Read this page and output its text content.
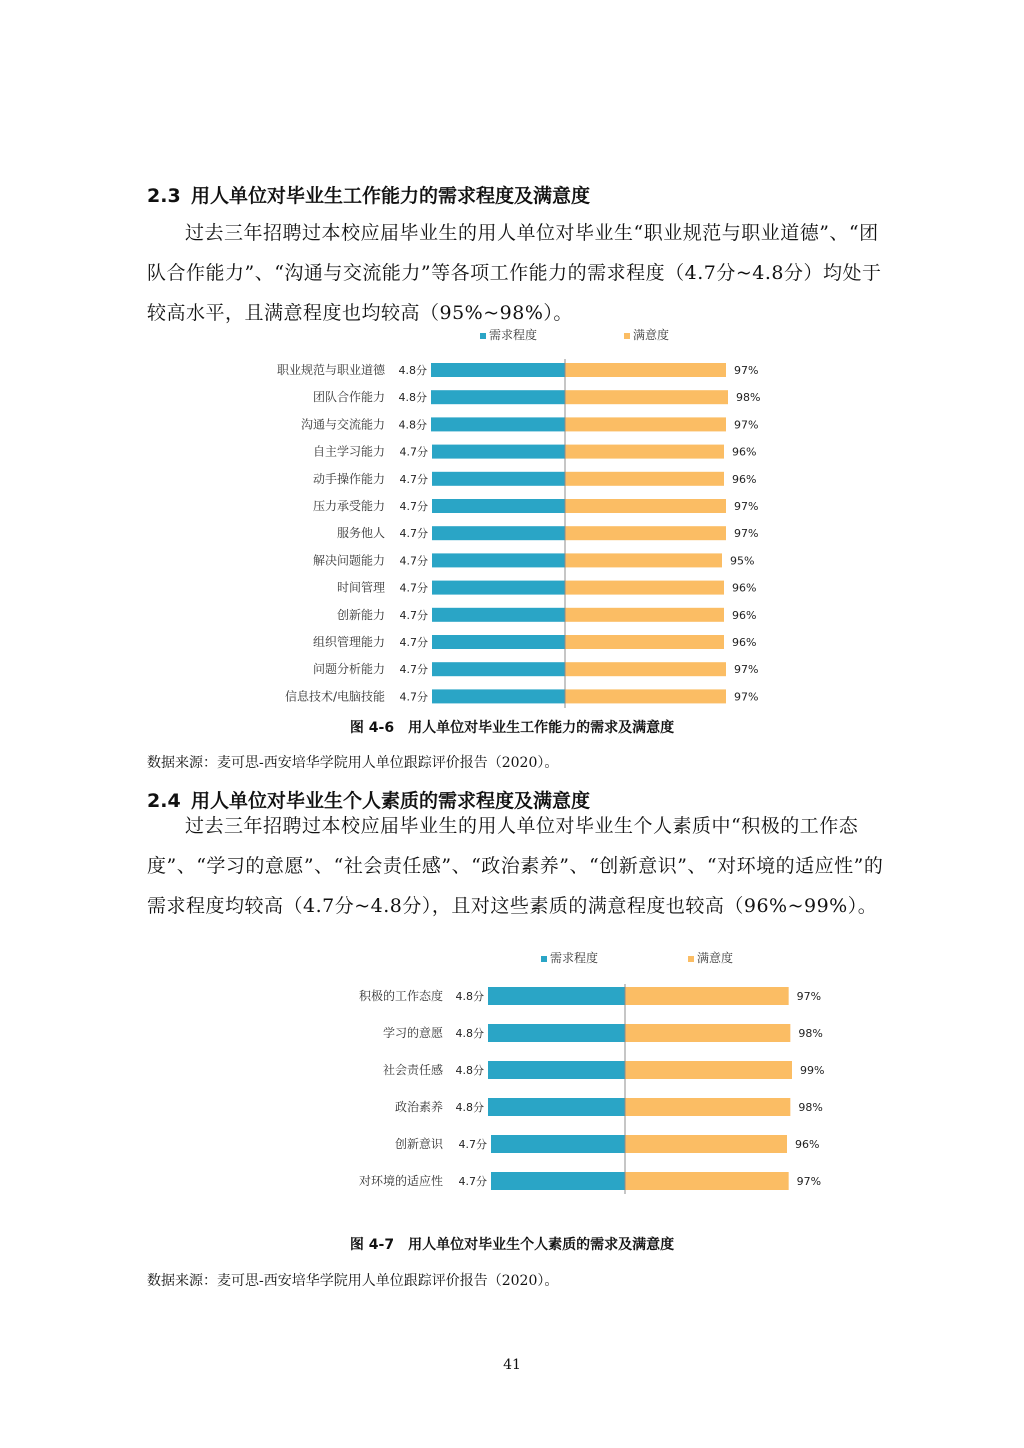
2.3 用人单位对毕业生工作能力的需求程度及满意度

过去三年招聘过本校应届毕业生的用人单位对毕业生“职业规范与职业道德”、“团队合作能力”、“沟通与交流能力”等各项工作能力的需求程度（4.7分~4.8分）均处于较高水平，且满意程度也均较高（95%~98%）。

需求程度	满意度
职业规范与职业道德 4.8分	97%
团队合作能力 4.8分	98%
沟通与交流能力 4.8分	97%
自主学习能力 4.7分	96%
动手操作能力 4.7分	96%
压力承受能力 4.7分	97%
服务他人 4.7分	97%
解决问题能力 4.7分	95%
时间管理 4.7分	96%
创新能力 4.7分	96%
组织管理能力 4.7分	96%
问题分析能力 4.7分	97%
信息技术/电脑技能 4.7分	97%
图 4-6　用人单位对毕业生工作能力的需求及满意度
数据来源：麦可思-西安培华学院用人单位跟踪评价报告（2020）。
2.4 用人单位对毕业生个人素质的需求程度及满意度

过去三年招聘过本校应届毕业生的用人单位对毕业生个人素质中“积极的工作态度”、“学习的意愿”、“社会责任感”、“政治素养”、“创新意识”、“对环境的适应性”的需求程度均较高（4.7分~4.8分），且对这些素质的满意程度也较高（96%~99%）。

需求程度	满意度
积极的工作态度 4.8分	97%
学习的意愿 4.8分	98%
社会责任感 4.8分	99%
政治素养 4.8分	98%
创新意识 4.7分	96%
对环境的适应性 4.7分	97%
图 4-7　用人单位对毕业生个人素质的需求及满意度
数据来源：麦可思-西安培华学院用人单位跟踪评价报告（2020）。
41
